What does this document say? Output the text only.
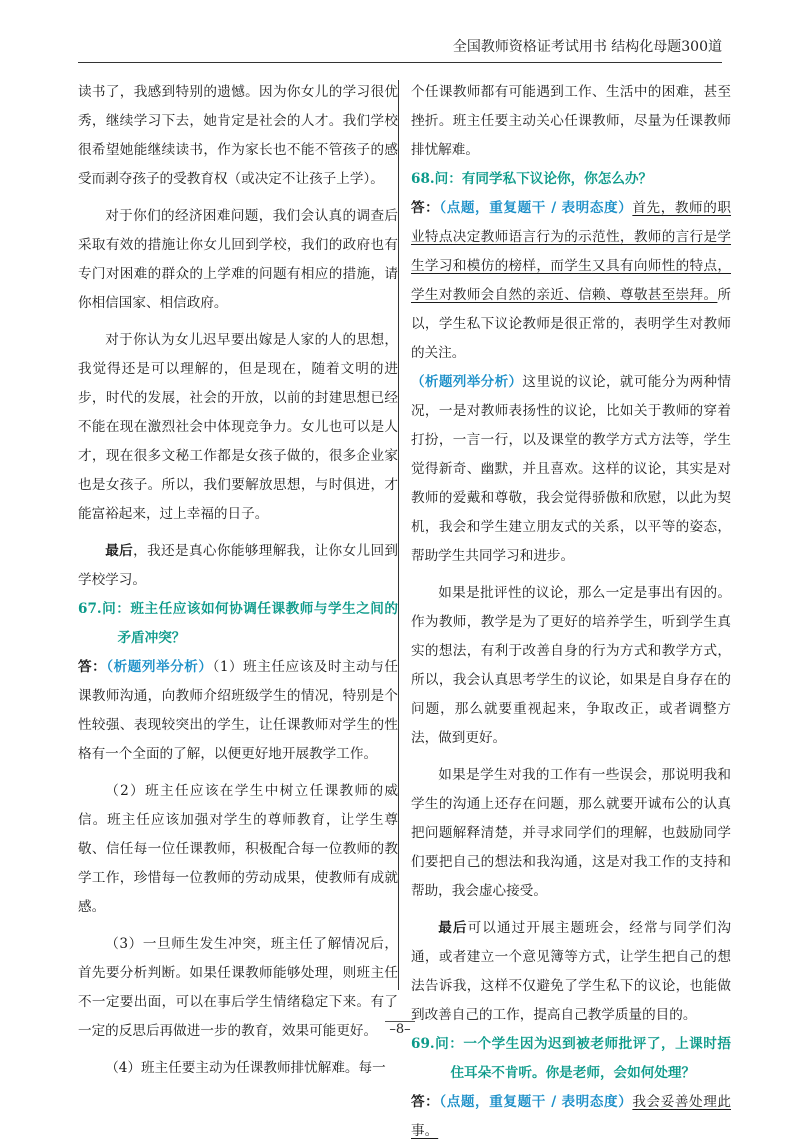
全国教师资格证考试用书 结构化母题300道

读书了，我感到特别的遗憾。因为你女儿的学习很优秀，继续学习下去，她肯定是社会的人才。我们学校很希望她能继续读书，作为家长也不能不管孩子的感受而剥夺孩子的受教育权（或决定不让孩子上学）。

对于你们的经济困难问题，我们会认真的调查后采取有效的措施让你女儿回到学校，我们的政府也有专门对困难的群众的上学难的问题有相应的措施，请你相信国家、相信政府。

对于你认为女儿迟早要出嫁是人家的人的思想，我觉得还是可以理解的，但是现在，随着文明的进步，时代的发展，社会的开放，以前的封建思想已经不能在现在激烈社会中体现竞争力。女儿也可以是人才，现在很多文秘工作都是女孩子做的，很多企业家也是女孩子。所以，我们要解放思想，与时俱进，才能富裕起来，过上幸福的日子。

最后，我还是真心你能够理解我，让你女儿回到学校学习。

67.问：班主任应该如何协调任课教师与学生之间的矛盾冲突？

答：（析题列举分析）（1）班主任应该及时主动与任课教师沟通，向教师介绍班级学生的情况，特别是个性较强、表现较突出的学生，让任课教师对学生的性格有一个全面的了解，以便更好地开展教学工作。

（2）班主任应该在学生中树立任课教师的威信。班主任应该加强对学生的尊师教育，让学生尊敬、信任每一位任课教师，积极配合每一位教师的教学工作，珍惜每一位教师的劳动成果，使教师有成就感。

（3）一旦师生发生冲突，班主任了解情况后，首先要分析判断。如果任课教师能够处理，则班主任不一定要出面，可以在事后学生情绪稳定下来。有了一定的反思后再做进一步的教育，效果可能更好。

（4）班主任要主动为任课教师排忧解难。每一

个任课教师都有可能遇到工作、生活中的困难，甚至挫折。班主任要主动关心任课教师，尽量为任课教师排忧解难。

68.问：有同学私下议论你，你怎么办？

答：（点题，重复题干 / 表明态度）首先，教师的职业特点决定教师语言行为的示范性，教师的言行是学生学习和模仿的榜样，而学生又具有向师性的特点，学生对教师会自然的亲近、信赖、尊敬甚至崇拜。所以，学生私下议论教师是很正常的，表明学生对教师的关注。

（析题列举分析）这里说的议论，就可能分为两种情况，一是对教师表扬性的议论，比如关于教师的穿着打扮，一言一行，以及课堂的教学方式方法等，学生觉得新奇、幽默，并且喜欢。这样的议论，其实是对教师的爱戴和尊敬，我会觉得骄傲和欣慰，以此为契机，我会和学生建立朋友式的关系，以平等的姿态，帮助学生共同学习和进步。

如果是批评性的议论，那么一定是事出有因的。作为教师，教学是为了更好的培养学生，听到学生真实的想法，有利于改善自身的行为方式和教学方式，所以，我会认真思考学生的议论，如果是自身存在的问题，那么就要重视起来，争取改正，或者调整方法，做到更好。

如果是学生对我的工作有一些误会，那说明我和学生的沟通上还存在问题，那么就要开诚布公的认真把问题解释清楚，并寻求同学们的理解，也鼓励同学们要把自己的想法和我沟通，这是对我工作的支持和帮助，我会虚心接受。

最后可以通过开展主题班会，经常与同学们沟通，或者建立一个意见簿等方式，让学生把自己的想法告诉我，这样不仅避免了学生私下的议论，也能做到改善自己的工作，提高自己教学质量的目的。

69.问：一个学生因为迟到被老师批评了，上课时捂住耳朵不肯听。你是老师，会如何处理？

答：（点题，重复题干 / 表明态度）我会妥善处理此事。

–8–
